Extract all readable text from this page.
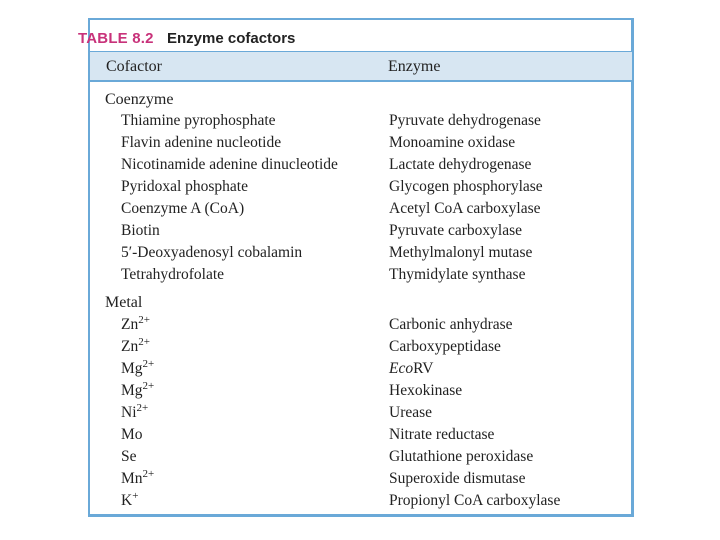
TABLE 8.2 Enzyme cofactors
Cofactor	Enzyme
Coenzyme
Thiamine pyrophosphate	Pyruvate dehydrogenase
Flavin adenine nucleotide	Monoamine oxidase
Nicotinamide adenine dinucleotide	Lactate dehydrogenase
Pyridoxal phosphate	Glycogen phosphorylase
Coenzyme A (CoA)	Acetyl CoA carboxylase
Biotin	Pyruvate carboxylase
5′-Deoxyadenosyl cobalamin	Methylmalonyl mutase
Tetrahydrofolate	Thymidylate synthase
Metal
$Zn^{2+}$	Carbonic anhydrase
$Zn^{2+}$	Carboxypeptidase
$Mg^{2+}$	EcoRV
$Mg^{2+}$	Hexokinase
$Ni^{2+}$	Urease
Mo	Nitrate reductase
Se	Glutathione peroxidase
$Mn^{2+}$	Superoxide dismutase
K+	Propionyl CoA carboxylase
